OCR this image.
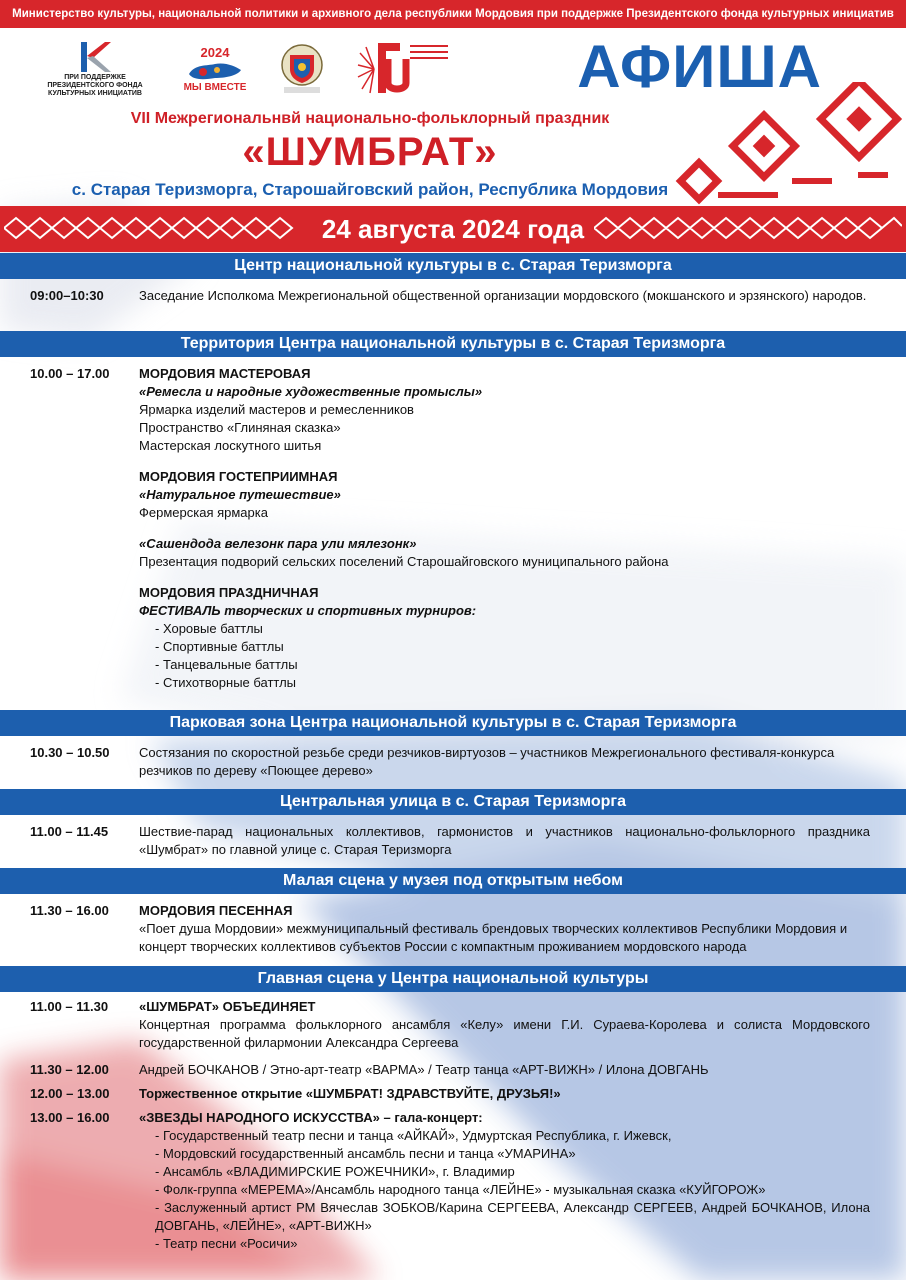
Министерство культуры, национальной политики и архивного дела республики Мордовия при поддержке Президентского фонда культурных инициатив
ПРИ ПОДДЕРЖКЕ ПРЕЗИДЕНТСКОГО ФОНДА КУЛЬТУРНЫХ ИНИЦИАТИВ
2024
МЫ ВМЕСТЕ	АФИША
VII Межрегиональнвй национально-фольклорный праздник
«ШУМБРАТ»
с. Старая Теризморга, Старошайговский район, Республика Мордовия
24 августа 2024 года
Центр национальной культуры в с. Старая Теризморга
09:00–10:30	Заседание Исполкома Межрегиональной общественной организации мордовского (мокшанского и эрзянского) народов.
Территория Центра национальной культуры в с. Старая Теризморга
10.00 – 17.00 МОРДОВИЯ МАСТЕРОВАЯ
«Ремесла и народные художественные промыслы»
Ярмарка изделий мастеров и ремесленников
Пространство «Глиняная сказка»
Мастерская лоскутного шитья
МОРДОВИЯ ГОСТЕПРИИМНАЯ
«Натуральное путешествие»
Фермерская ярмарка
«Сашендода велезонк пара ули мялезонк»
Презентация подворий сельских поселений Старошайговского муниципального района
МОРДОВИЯ ПРАЗДНИЧНАЯ
ФЕСТИВАЛЬ творческих и спортивных турниров:
- Хоровые баттлы
- Спортивные баттлы
- Танцевальные баттлы
- Стихотворные баттлы
Парковая зона Центра национальной культуры в с. Старая Теризморга
10.30 – 10.50 Состязания по скоростной резьбе среди резчиков-виртуозов – участников Межрегионального фестиваля-конкурса резчиков по дереву «Поющее дерево»
Центральная улица в с. Старая Теризморга
11.00 – 11.45 Шествие-парад национальных коллективов, гармонистов и участников национально-фольклорного праздника «Шумбрат» по главной улице с. Старая Теризморга
Малая сцена у музея под открытым небом
11.30 – 16.00 МОРДОВИЯ ПЕСЕННАЯ
«Поет душа Мордовии» межмуниципальный фестиваль брендовых творческих коллективов Республики Мордовия и концерт творческих коллективов субъектов России с компактным проживанием мордовского народа
Главная сцена у Центра национальной культуры
11.00 – 11.30 «ШУМБРАТ» ОБЪЕДИНЯЕТ
Концертная программа фольклорного ансамбля «Келу» имени Г.И. Сураева-Королева и солиста Мордовского государственной филармонии Александра Сергеева
11.30 – 12.00 Андрей БОЧКАНОВ / Этно-арт-театр «ВАРМА» / Театр танца «АРТ-ВИЖН» / Илона ДОВГАНЬ
12.00 – 13.00 Торжественное открытие «ШУМБРАТ! ЗДРАВСТВУЙТЕ, ДРУЗЬЯ!»
13.00 – 16.00 «ЗВЕЗДЫ НАРОДНОГО ИСКУССТВА» – гала-концерт:
- Государственный театр песни и танца «АЙКАЙ», Удмуртская Республика, г. Ижевск,
- Мордовский государственный ансамбль песни и танца «УМАРИНА»
- Ансамбль «ВЛАДИМИРСКИЕ РОЖЕЧНИКИ», г. Владимир
- Фолк-группа «МЕРЕМА»/Ансамбль народного танца «ЛЕЙНЕ» - музыкальная сказка «КУЙГОРОЖ»
- Заслуженный артист РМ Вячеслав ЗОБКОВ/Карина СЕРГЕЕВА, Александр СЕРГЕЕВ, Андрей БОЧКАНОВ, Илона ДОВГАНЬ, «ЛЕЙНЕ», «АРТ-ВИЖН»
- Театр песни «Росичи»
